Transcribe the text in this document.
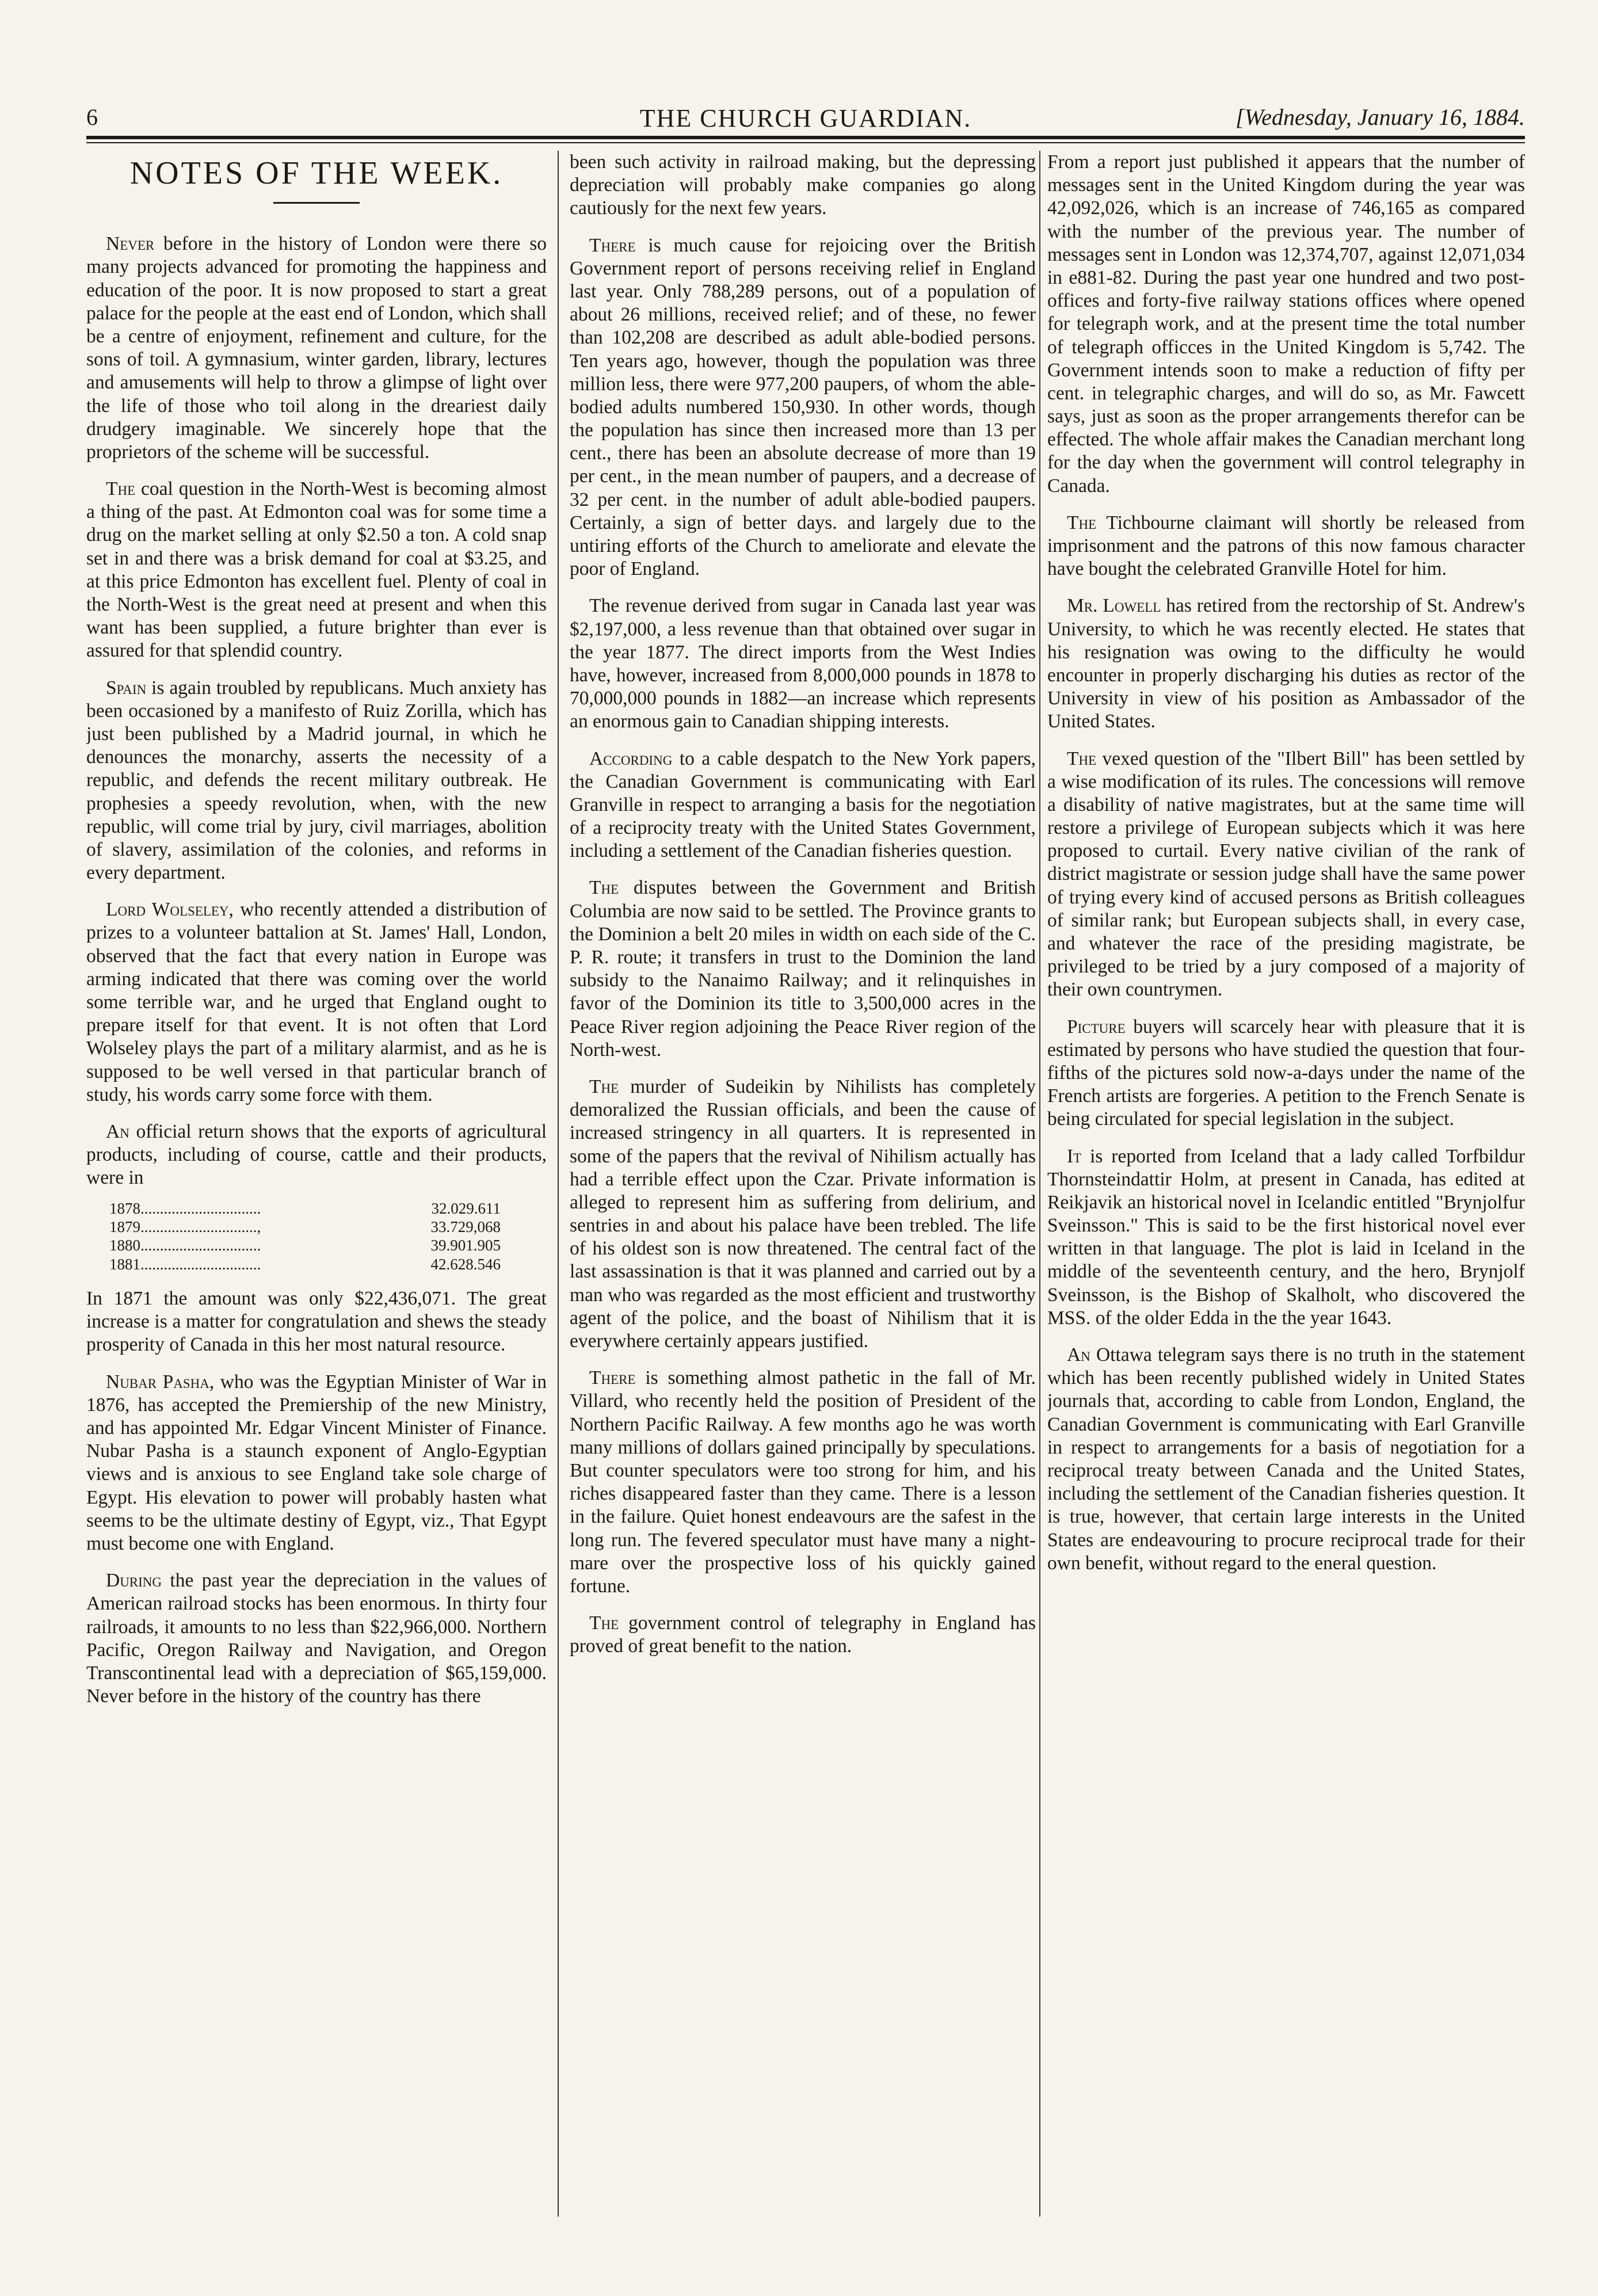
6	THE CHURCH GUARDIAN.	[Wednesday, January 16, 1884.
NOTES OF THE WEEK.

Never before in the history of London were there so many projects advanced for promoting the happiness and education of the poor. It is now proposed to start a great palace for the people at the east end of London, which shall be a centre of enjoyment, refinement and culture, for the sons of toil. A gymnasium, winter garden, library, lectures and amusements will help to throw a glimpse of light over the life of those who toil along in the dreariest daily drudgery imaginable. We sincerely hope that the proprietors of the scheme will be successful.

The coal question in the North-West is becoming almost a thing of the past. At Edmonton coal was for some time a drug on the market selling at only $2.50 a ton. A cold snap set in and there was a brisk demand for coal at $3.25, and at this price Edmonton has excellent fuel. Plenty of coal in the North-West is the great need at present and when this want has been supplied, a future brighter than ever is assured for that splendid country.

Spain is again troubled by republicans. Much anxiety has been occasioned by a manifesto of Ruiz Zorilla, which has just been published by a Madrid journal, in which he denounces the monarchy, asserts the necessity of a republic, and defends the recent military outbreak. He prophesies a speedy revolution, when, with the new republic, will come trial by jury, civil marriages, abolition of slavery, assimilation of the colonies, and reforms in every department.

Lord Wolseley, who recently attended a distribution of prizes to a volunteer battalion at St. James' Hall, London, observed that the fact that every nation in Europe was arming indicated that there was coming over the world some terrible war, and he urged that England ought to prepare itself for that event. It is not often that Lord Wolseley plays the part of a military alarmist, and as he is supposed to be well versed in that particular branch of study, his words carry some force with them.

An official return shows that the exports of agricultural products, including of course, cattle and their products, were in

1878...............................	32.029.611
1879..............................,	33.729,068
1880...............................	39.901.905
1881...............................	42.628.546

In 1871 the amount was only $22,436,071. The great increase is a matter for congratulation and shews the steady prosperity of Canada in this her most natural resource.

Nubar Pasha, who was the Egyptian Minister of War in 1876, has accepted the Premiership of the new Ministry, and has appointed Mr. Edgar Vincent Minister of Finance. Nubar Pasha is a staunch exponent of Anglo-Egyptian views and is anxious to see England take sole charge of Egypt. His elevation to power will probably hasten what seems to be the ultimate destiny of Egypt, viz., That Egypt must become one with England.

During the past year the depreciation in the values of American railroad stocks has been enormous. In thirty four railroads, it amounts to no less than $22,966,000. Northern Pacific, Oregon Railway and Navigation, and Oregon Transcontinental lead with a depreciation of $65,159,000. Never before in the history of the country has there

been such activity in railroad making, but the depressing depreciation will probably make companies go along cautiously for the next few years.

There is much cause for rejoicing over the British Government report of persons receiving relief in England last year. Only 788,289 persons, out of a population of about 26 millions, received relief; and of these, no fewer than 102,208 are described as adult able-bodied persons. Ten years ago, however, though the population was three million less, there were 977,200 paupers, of whom the able-bodied adults numbered 150,930. In other words, though the population has since then increased more than 13 per cent., there has been an absolute decrease of more than 19 per cent., in the mean number of paupers, and a decrease of 32 per cent. in the number of adult able-bodied paupers. Certainly, a sign of better days. and largely due to the untiring efforts of the Church to ameliorate and elevate the poor of England.

The revenue derived from sugar in Canada last year was $2,197,000, a less revenue than that obtained over sugar in the year 1877. The direct imports from the West Indies have, however, increased from 8,000,000 pounds in 1878 to 70,000,000 pounds in 1882—an increase which represents an enormous gain to Canadian shipping interests.

According to a cable despatch to the New York papers, the Canadian Government is communicating with Earl Granville in respect to arranging a basis for the negotiation of a reciprocity treaty with the United States Government, including a settlement of the Canadian fisheries question.

The disputes between the Government and British Columbia are now said to be settled. The Province grants to the Dominion a belt 20 miles in width on each side of the C. P. R. route; it transfers in trust to the Dominion the land subsidy to the Nanaimo Railway; and it relinquishes in favor of the Dominion its title to 3,500,000 acres in the Peace River region adjoining the Peace River region of the North-west.

The murder of Sudeikin by Nihilists has completely demoralized the Russian officials, and been the cause of increased stringency in all quarters. It is represented in some of the papers that the revival of Nihilism actually has had a terrible effect upon the Czar. Private information is alleged to represent him as suffering from delirium, and sentries in and about his palace have been trebled. The life of his oldest son is now threatened. The central fact of the last assassination is that it was planned and carried out by a man who was regarded as the most efficient and trustworthy agent of the police, and the boast of Nihilism that it is everywhere certainly appears justified.

There is something almost pathetic in the fall of Mr. Villard, who recently held the position of President of the Northern Pacific Railway. A few months ago he was worth many millions of dollars gained principally by speculations. But counter speculators were too strong for him, and his riches disappeared faster than they came. There is a lesson in the failure. Quiet honest endeavours are the safest in the long run. The fevered speculator must have many a night-mare over the prospective loss of his quickly gained fortune.

The government control of telegraphy in England has proved of great benefit to the nation.

From a report just published it appears that the number of messages sent in the United Kingdom during the year was 42,092,026, which is an increase of 746,165 as compared with the number of the previous year. The number of messages sent in London was 12,374,707, against 12,071,034 in e881-82. During the past year one hundred and two post-offices and forty-five railway stations offices where opened for telegraph work, and at the present time the total number of telegraph officces in the United Kingdom is 5,742. The Government intends soon to make a reduction of fifty per cent. in telegraphic charges, and will do so, as Mr. Fawcett says, just as soon as the proper arrangements therefor can be effected. The whole affair makes the Canadian merchant long for the day when the government will control telegraphy in Canada.

The Tichbourne claimant will shortly be released from imprisonment and the patrons of this now famous character have bought the celebrated Granville Hotel for him.

Mr. Lowell has retired from the rectorship of St. Andrew's University, to which he was recently elected. He states that his resignation was owing to the difficulty he would encounter in properly discharging his duties as rector of the University in view of his position as Ambassador of the United States.

The vexed question of the "Ilbert Bill" has been settled by a wise modification of its rules. The concessions will remove a disability of native magistrates, but at the same time will restore a privilege of European subjects which it was here proposed to curtail. Every native civilian of the rank of district magistrate or session judge shall have the same power of trying every kind of accused persons as British colleagues of similar rank; but European subjects shall, in every case, and whatever the race of the presiding magistrate, be privileged to be tried by a jury composed of a majority of their own countrymen.

Picture buyers will scarcely hear with pleasure that it is estimated by persons who have studied the question that four-fifths of the pictures sold now-a-days under the name of the French artists are forgeries. A petition to the French Senate is being circulated for special legislation in the subject.

It is reported from Iceland that a lady called Torfbildur Thornsteindattir Holm, at present in Canada, has edited at Reikjavik an historical novel in Icelandic entitled "Brynjolfur Sveinsson." This is said to be the first historical novel ever written in that language. The plot is laid in Iceland in the middle of the seventeenth century, and the hero, Brynjolf Sveinsson, is the Bishop of Skalholt, who discovered the MSS. of the older Edda in the the year 1643.

An Ottawa telegram says there is no truth in the statement which has been recently published widely in United States journals that, according to cable from London, England, the Canadian Government is communicating with Earl Granville in respect to arrangements for a basis of negotiation for a reciprocal treaty between Canada and the United States, including the settlement of the Canadian fisheries question. It is true, however, that certain large interests in the United States are endeavouring to procure reciprocal trade for their own benefit, without regard to the eneral question.
